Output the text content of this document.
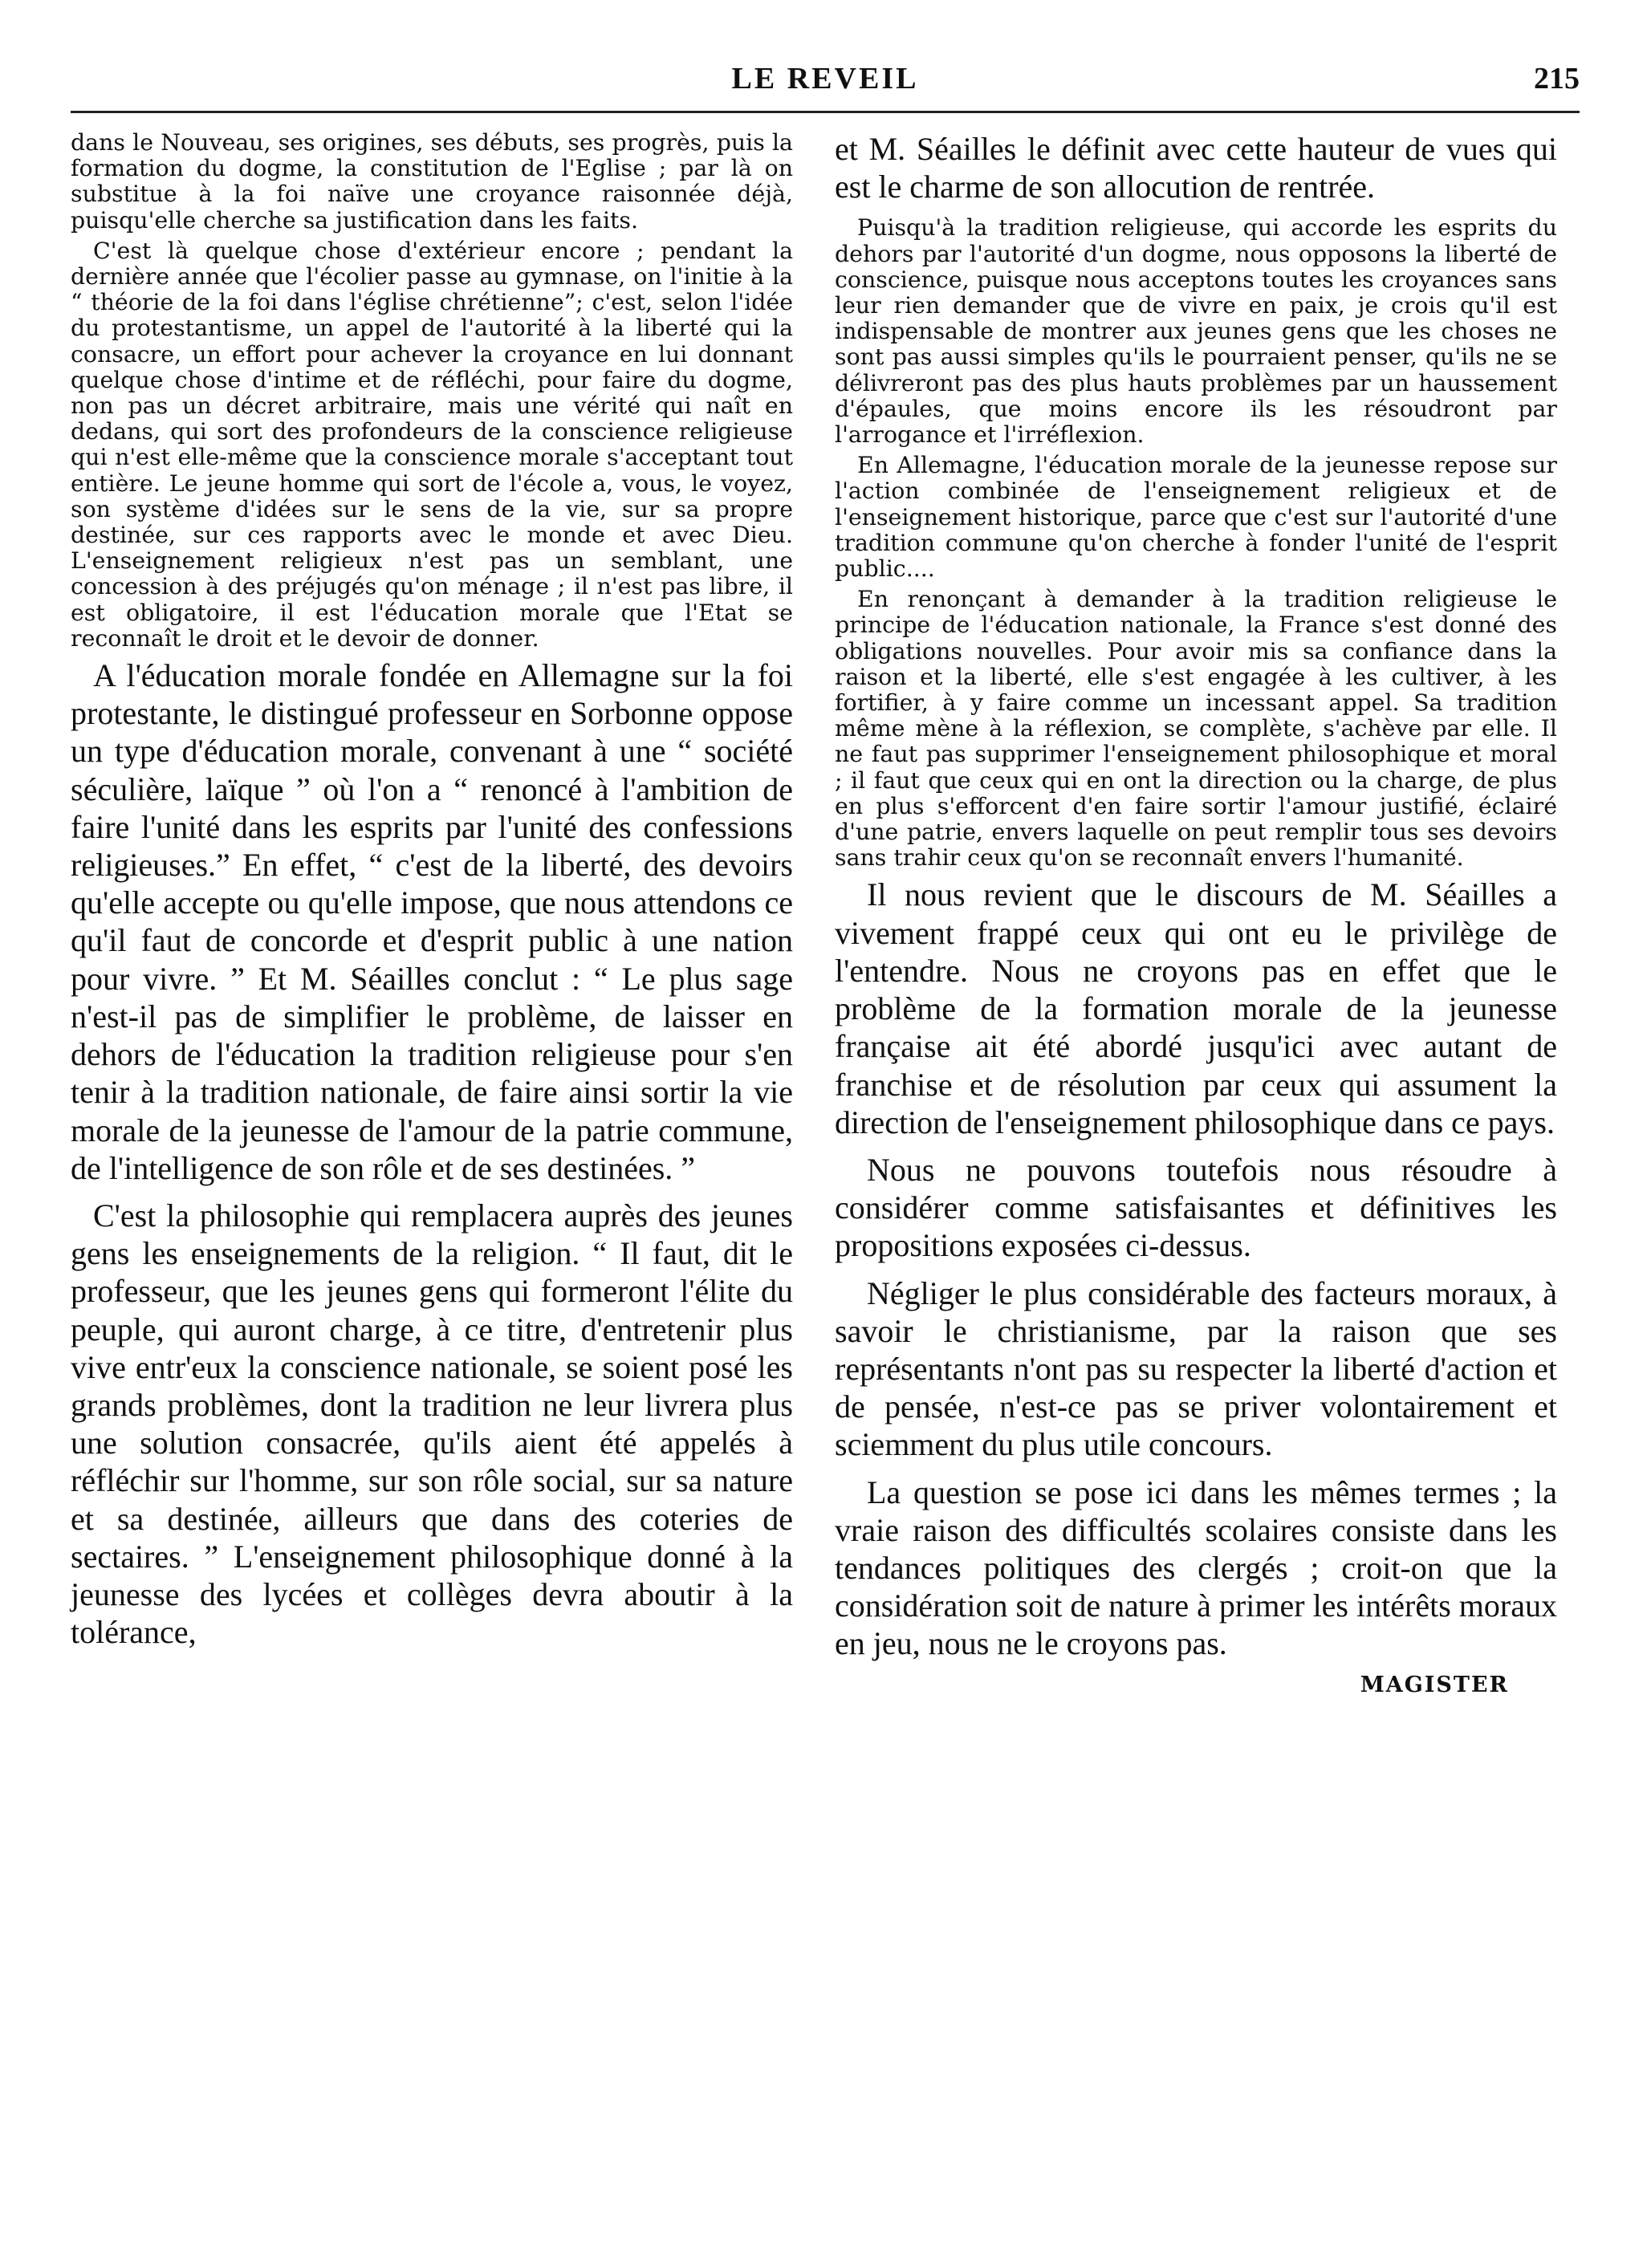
LE REVEIL	215

dans le Nouveau, ses origines, ses débuts, ses progrès, puis la formation du dogme, la constitution de l'Eglise ; par là on substitue à la foi naïve une croyance raisonnée déjà, puisqu'elle cherche sa justification dans les faits.

C'est là quelque chose d'extérieur encore ; pendant la dernière année que l'écolier passe au gymnase, on l'initie à la “ théorie de la foi dans l'église chrétienne”; c'est, selon l'idée du protestantisme, un appel de l'autorité à la liberté qui la consacre, un effort pour achever la croyance en lui donnant quelque chose d'intime et de réfléchi, pour faire du dogme, non pas un décret arbitraire, mais une vérité qui naît en dedans, qui sort des profondeurs de la conscience religieuse qui n'est elle-même que la conscience morale s'acceptant tout entière. Le jeune homme qui sort de l'école a, vous, le voyez, son système d'idées sur le sens de la vie, sur sa propre destinée, sur ces rapports avec le monde et avec Dieu. L'enseignement religieux n'est pas un semblant, une concession à des préjugés qu'on ménage ; il n'est pas libre, il est obligatoire, il est l'éducation morale que l'Etat se reconnaît le droit et le devoir de donner.

A l'éducation morale fondée en Allemagne sur la foi protestante, le distingué professeur en Sorbonne oppose un type d'éducation morale, convenant à une “ société séculière, laïque ” où l'on a “ renoncé à l'ambition de faire l'unité dans les esprits par l'unité des confessions religieuses.” En effet, “ c'est de la liberté, des devoirs qu'elle accepte ou qu'elle impose, que nous attendons ce qu'il faut de concorde et d'esprit public à une nation pour vivre. ” Et M. Séailles conclut : “ Le plus sage n'est-il pas de simplifier le problème, de laisser en dehors de l'éducation la tradition religieuse pour s'en tenir à la tradition nationale, de faire ainsi sortir la vie morale de la jeunesse de l'amour de la patrie commune, de l'intelligence de son rôle et de ses destinées. ”

C'est la philosophie qui remplacera auprès des jeunes gens les enseignements de la religion. “ Il faut, dit le professeur, que les jeunes gens qui formeront l'élite du peuple, qui auront charge, à ce titre, d'entretenir plus vive entr'eux la conscience nationale, se soient posé les grands problèmes, dont la tradition ne leur livrera plus une solution consacrée, qu'ils aient été appelés à réfléchir sur l'homme, sur son rôle social, sur sa nature et sa destinée, ailleurs que dans des coteries de sectaires. ” L'enseignement philosophique donné à la jeunesse des lycées et collèges devra aboutir à la tolérance,

et M. Séailles le définit avec cette hauteur de vues qui est le charme de son allocution de rentrée.

Puisqu'à la tradition religieuse, qui accorde les esprits du dehors par l'autorité d'un dogme, nous opposons la liberté de conscience, puisque nous acceptons toutes les croyances sans leur rien demander que de vivre en paix, je crois qu'il est indispensable de montrer aux jeunes gens que les choses ne sont pas aussi simples qu'ils le pourraient penser, qu'ils ne se délivreront pas des plus hauts problèmes par un haussement d'épaules, que moins encore ils les résoudront par l'arrogance et l'irréflexion.

En Allemagne, l'éducation morale de la jeunesse repose sur l'action combinée de l'enseignement religieux et de l'enseignement historique, parce que c'est sur l'autorité d'une tradition commune qu'on cherche à fonder l'unité de l'esprit public....

En renonçant à demander à la tradition religieuse le principe de l'éducation nationale, la France s'est donné des obligations nouvelles. Pour avoir mis sa confiance dans la raison et la liberté, elle s'est engagée à les cultiver, à les fortifier, à y faire comme un incessant appel. Sa tradition même mène à la réflexion, se complète, s'achève par elle. Il ne faut pas supprimer l'enseignement philosophique et moral ; il faut que ceux qui en ont la direction ou la charge, de plus en plus s'efforcent d'en faire sortir l'amour justifié, éclairé d'une patrie, envers laquelle on peut remplir tous ses devoirs sans trahir ceux qu'on se reconnaît envers l'humanité.

Il nous revient que le discours de M. Séailles a vivement frappé ceux qui ont eu le privilège de l'entendre. Nous ne croyons pas en effet que le problème de la formation morale de la jeunesse française ait été abordé jusqu'ici avec autant de franchise et de résolution par ceux qui assument la direction de l'enseignement philosophique dans ce pays.

Nous ne pouvons toutefois nous résoudre à considérer comme satisfaisantes et définitives les propositions exposées ci-dessus.

Négliger le plus considérable des facteurs moraux, à savoir le christianisme, par la raison que ses représentants n'ont pas su respecter la liberté d'action et de pensée, n'est-ce pas se priver volontairement et sciemment du plus utile concours.

La question se pose ici dans les mêmes termes ; la vraie raison des difficultés scolaires consiste dans les tendances politiques des clergés ; croit-on que la considération soit de nature à primer les intérêts moraux en jeu, nous ne le croyons pas.

MAGISTER
